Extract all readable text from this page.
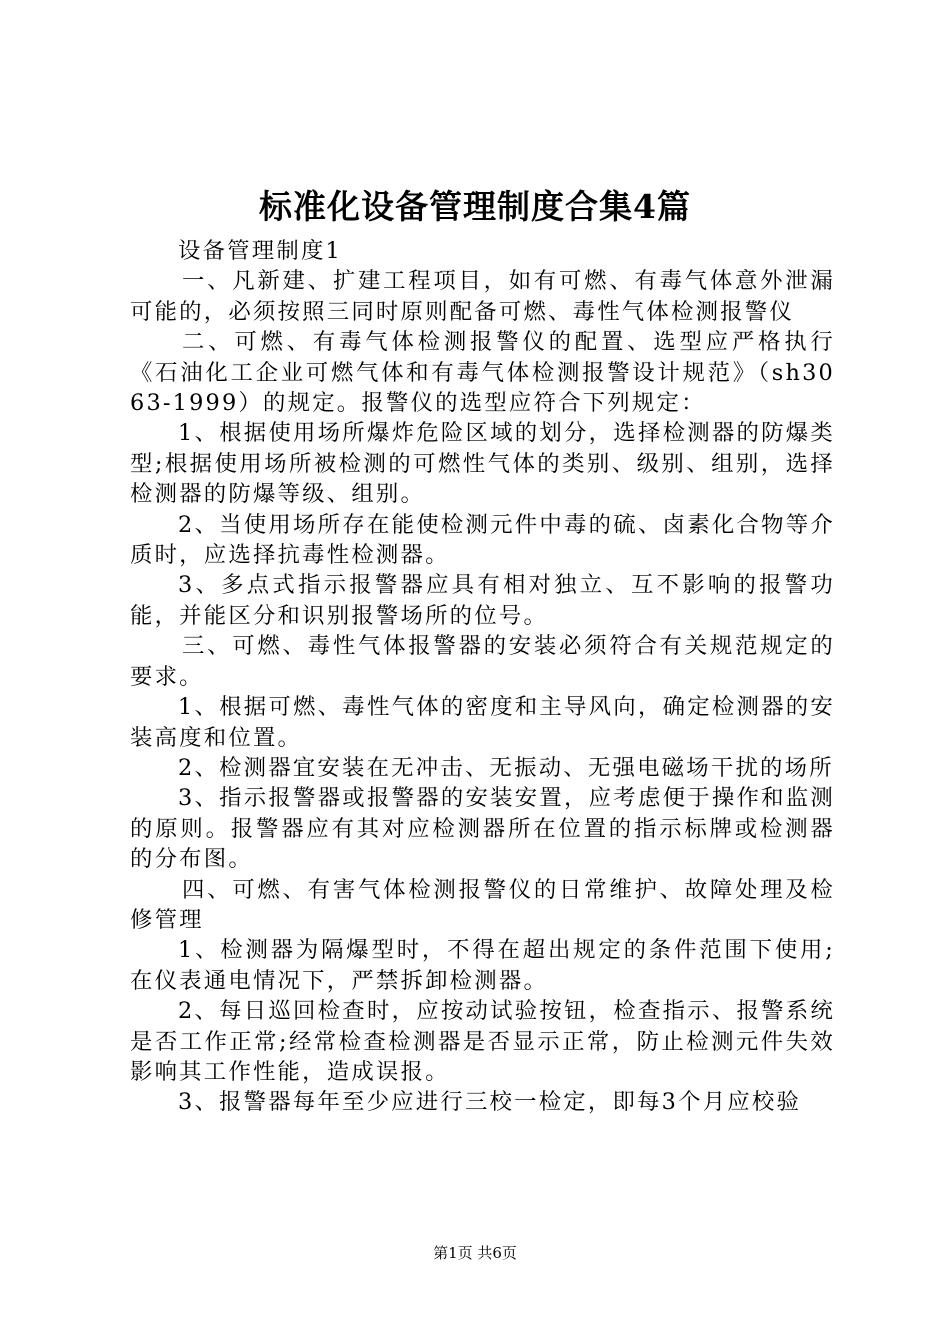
标准化设备管理制度合集4篇

设备管理制度1

一、凡新建、扩建工程项目，如有可燃、有毒气体意外泄漏可能的，必须按照三同时原则配备可燃、毒性气体检测报警仪

二、可燃、有毒气体检测报警仪的配置、选型应严格执行《石油化工企业可燃气体和有毒气体检测报警设计规范》（sh3063-1999）的规定。报警仪的选型应符合下列规定：

1、根据使用场所爆炸危险区域的划分，选择检测器的防爆类型;根据使用场所被检测的可燃性气体的类别、级别、组别，选择检测器的防爆等级、组别。

2、当使用场所存在能使检测元件中毒的硫、卤素化合物等介质时，应选择抗毒性检测器。

3、多点式指示报警器应具有相对独立、互不影响的报警功能，并能区分和识别报警场所的位号。

三、可燃、毒性气体报警器的安装必须符合有关规范规定的要求。

1、根据可燃、毒性气体的密度和主导风向，确定检测器的安装高度和位置。

2、检测器宜安装在无冲击、无振动、无强电磁场干扰的场所

3、指示报警器或报警器的安装安置，应考虑便于操作和监测的原则。报警器应有其对应检测器所在位置的指示标牌或检测器的分布图。

四、可燃、有害气体检测报警仪的日常维护、故障处理及检修管理

1、检测器为隔爆型时，不得在超出规定的条件范围下使用;在仪表通电情况下，严禁拆卸检测器。

2、每日巡回检查时，应按动试验按钮，检查指示、报警系统是否工作正常;经常检查检测器是否显示正常，防止检测元件失效影响其工作性能，造成误报。

3、报警器每年至少应进行三校一检定，即每3个月应校验

第1页 共6页
